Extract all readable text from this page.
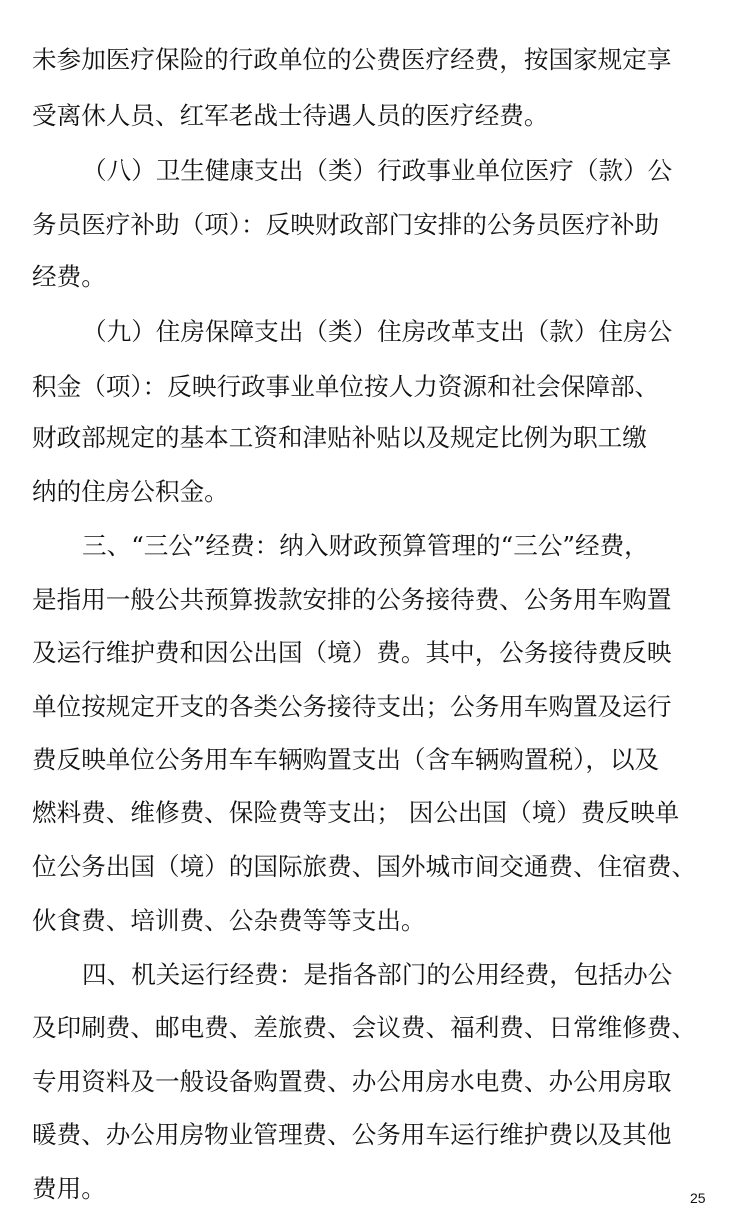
未参加医疗保险的行政单位的公费医疗经费，按国家规定享

受离休人员、红军老战士待遇人员的医疗经费。

（八）卫生健康支出（类）行政事业单位医疗（款）公

务员医疗补助（项）：反映财政部门安排的公务员医疗补助

经费。

（九）住房保障支出（类）住房改革支出（款）住房公

积金（项）：反映行政事业单位按人力资源和社会保障部、

财政部规定的基本工资和津贴补贴以及规定比例为职工缴

纳的住房公积金。

三、“三公”经费：纳入财政预算管理的“三公”经费，

是指用一般公共预算拨款安排的公务接待费、公务用车购置

及运行维护费和因公出国（境）费。其中，公务接待费反映

单位按规定开支的各类公务接待支出；公务用车购置及运行

费反映单位公务用车车辆购置支出（含车辆购置税），以及

燃料费、维修费、保险费等支出； 因公出国（境）费反映单

位公务出国（境）的国际旅费、国外城市间交通费、住宿费、

伙食费、培训费、公杂费等等支出。

四、机关运行经费：是指各部门的公用经费，包括办公

及印刷费、邮电费、差旅费、会议费、福利费、日常维修费、

专用资料及一般设备购置费、办公用房水电费、办公用房取

暖费、办公用房物业管理费、公务用车运行维护费以及其他

费用。	25
